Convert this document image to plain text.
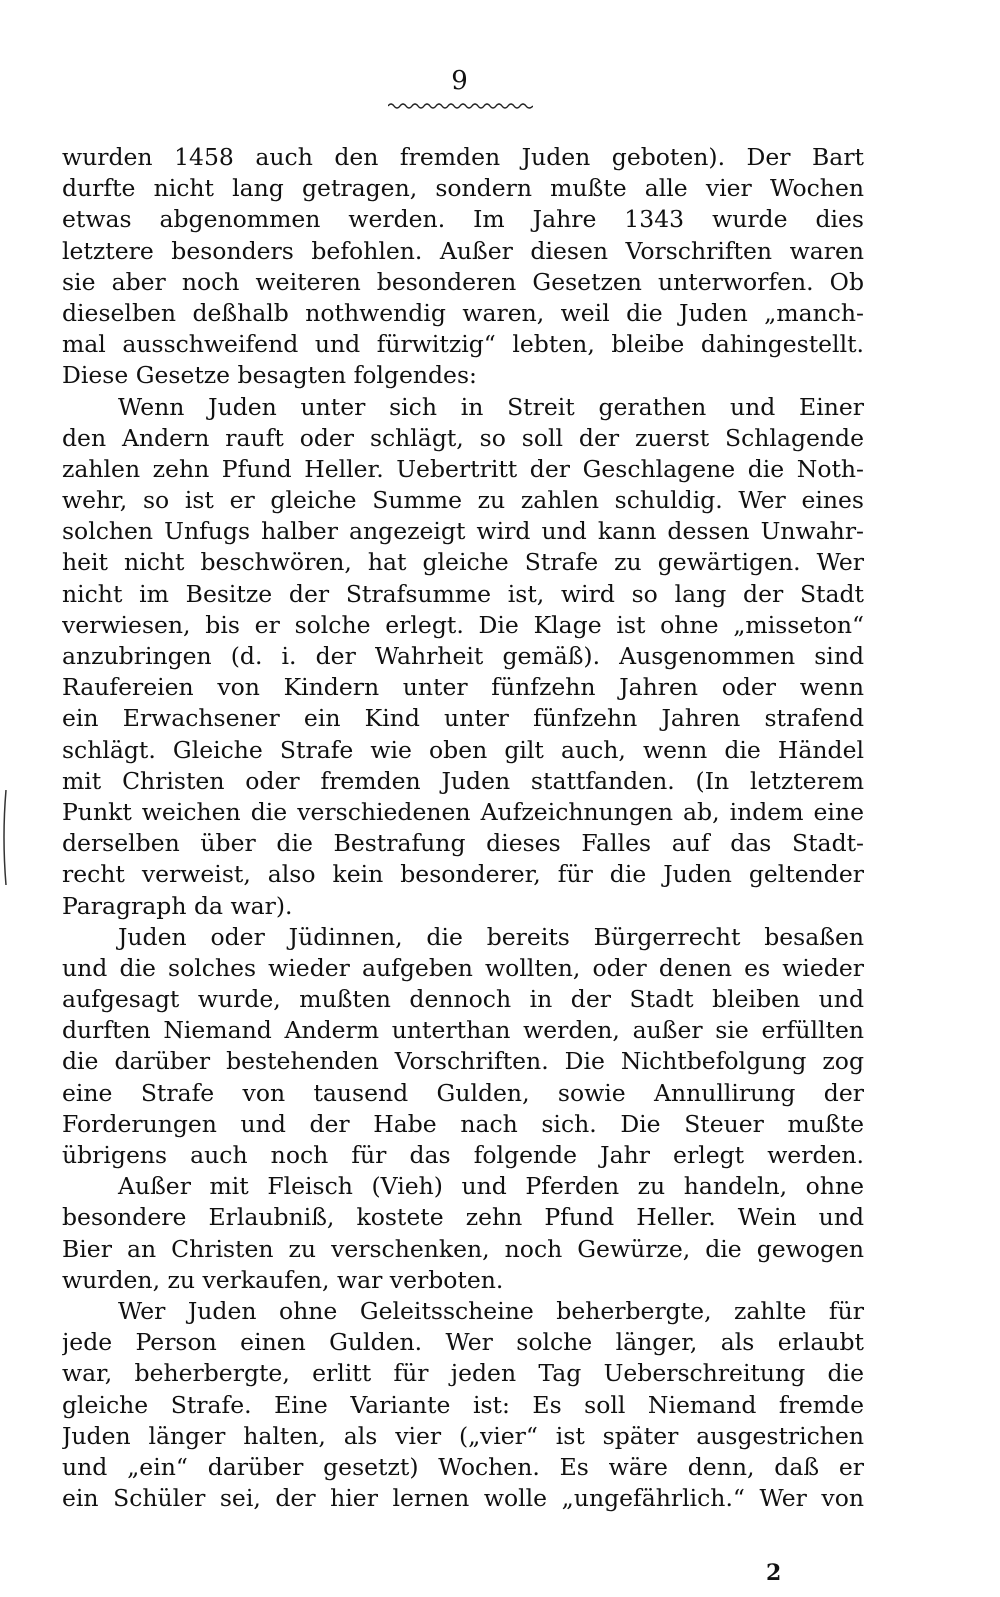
9
wurden 1458 auch den fremden Juden geboten). Der Bart
durfte nicht lang getragen, sondern mußte alle vier Wochen
etwas abgenommen werden. Im Jahre 1343 wurde dies
letztere besonders befohlen. Außer diesen Vorschriften waren
sie aber noch weiteren besonderen Gesetzen unterworfen. Ob
dieselben deßhalb nothwendig waren, weil die Juden „manch-
mal ausschweifend und fürwitzig“ lebten, bleibe dahingestellt.
Diese Gesetze besagten folgendes:
Wenn Juden unter sich in Streit gerathen und Einer
den Andern rauft oder schlägt, so soll der zuerst Schlagende
zahlen zehn Pfund Heller. Uebertritt der Geschlagene die Noth-
wehr, so ist er gleiche Summe zu zahlen schuldig. Wer eines
solchen Unfugs halber angezeigt wird und kann dessen Unwahr-
heit nicht beschwören, hat gleiche Strafe zu gewärtigen. Wer
nicht im Besitze der Strafsumme ist, wird so lang der Stadt
verwiesen, bis er solche erlegt. Die Klage ist ohne „misseton“
anzubringen (d. i. der Wahrheit gemäß). Ausgenommen sind
Raufereien von Kindern unter fünfzehn Jahren oder wenn
ein Erwachsener ein Kind unter fünfzehn Jahren strafend
schlägt. Gleiche Strafe wie oben gilt auch, wenn die Händel
mit Christen oder fremden Juden stattfanden. (In letzterem
Punkt weichen die verschiedenen Aufzeichnungen ab, indem eine
derselben über die Bestrafung dieses Falles auf das Stadt-
recht verweist, also kein besonderer, für die Juden geltender
Paragraph da war).
Juden oder Jüdinnen, die bereits Bürgerrecht besaßen
und die solches wieder aufgeben wollten, oder denen es wieder
aufgesagt wurde, mußten dennoch in der Stadt bleiben und
durften Niemand Anderm unterthan werden, außer sie erfüllten
die darüber bestehenden Vorschriften. Die Nichtbefolgung zog
eine Strafe von tausend Gulden, sowie Annullirung der
Forderungen und der Habe nach sich. Die Steuer mußte
übrigens auch noch für das folgende Jahr erlegt werden.
Außer mit Fleisch (Vieh) und Pferden zu handeln, ohne
besondere Erlaubniß, kostete zehn Pfund Heller. Wein und
Bier an Christen zu verschenken, noch Gewürze, die gewogen
wurden, zu verkaufen, war verboten.
Wer Juden ohne Geleitsscheine beherbergte, zahlte für
jede Person einen Gulden. Wer solche länger, als erlaubt
war, beherbergte, erlitt für jeden Tag Ueberschreitung die
gleiche Strafe. Eine Variante ist: Es soll Niemand fremde
Juden länger halten, als vier („vier“ ist später ausgestrichen
und „ein“ darüber gesetzt) Wochen. Es wäre denn, daß er
ein Schüler sei, der hier lernen wolle „ungefährlich.“ Wer von
2
